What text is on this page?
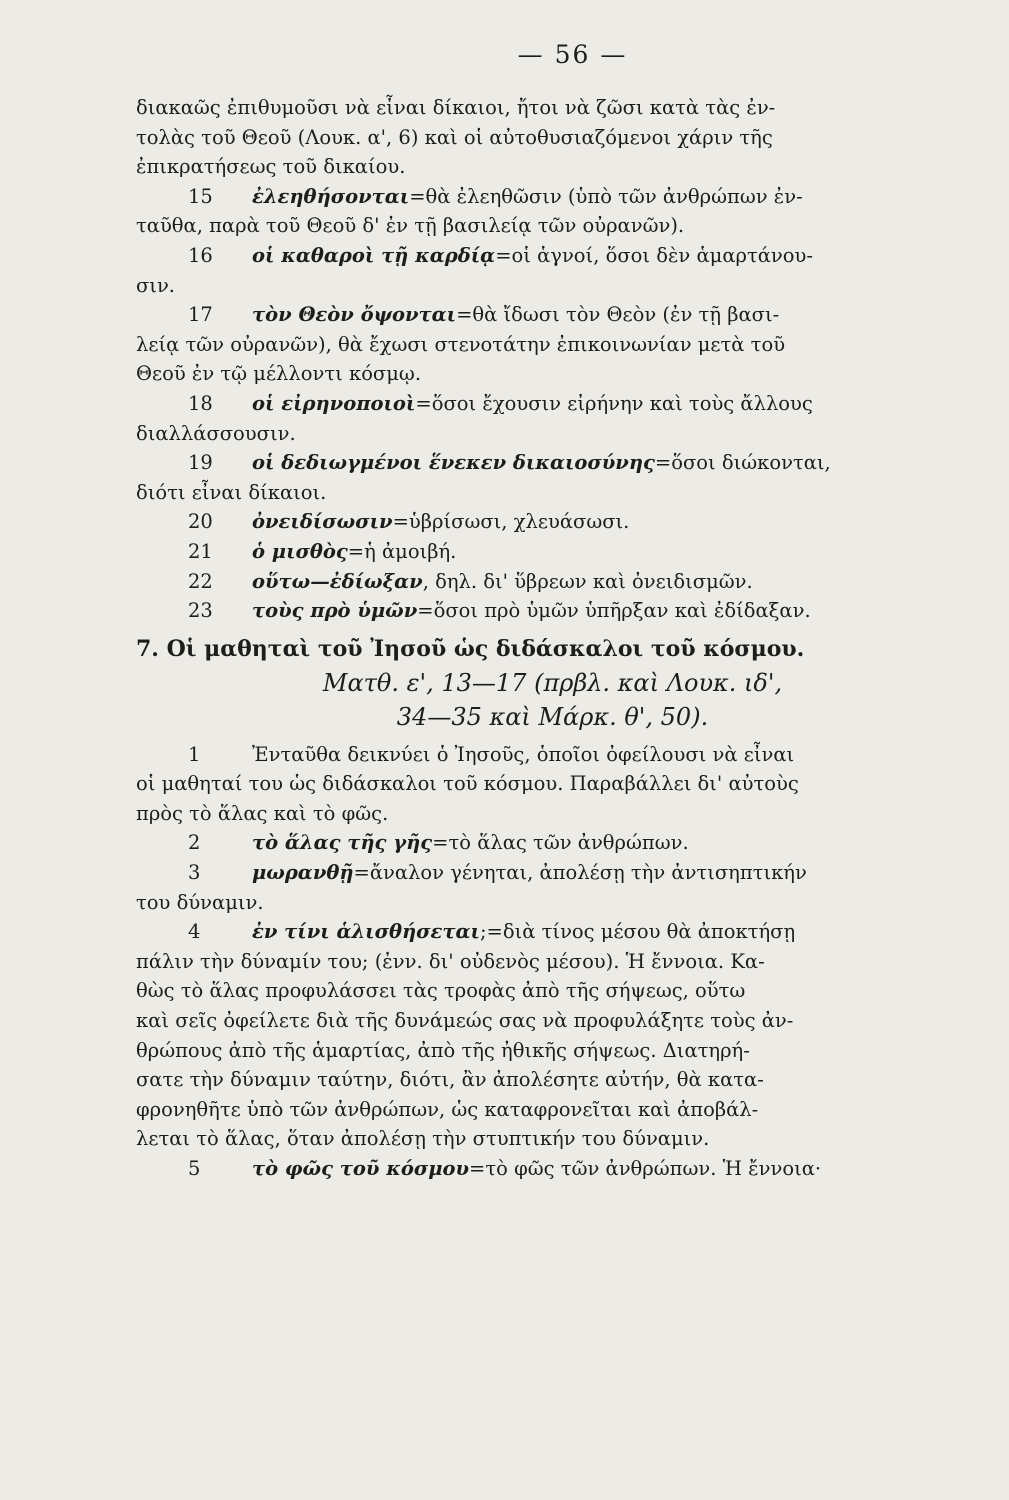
— 56 —
διακαῶς ἐπιθυμοῦσι νὰ εἶναι δίκαιοι, ἤτοι νὰ ζῶσι κατὰ τὰς ἐν-
τολὰς τοῦ Θεοῦ (Λουκ. α', 6) καὶ οἱ αὐτοθυσιαζόμενοι χάριν τῆς
ἐπικρατήσεως τοῦ δικαίου.
15 ἐλεηθήσονται=θὰ ἐλεηθῶσιν (ὑπὸ τῶν ἀνθρώπων ἐν-
ταῦθα, παρὰ τοῦ Θεοῦ δ' ἐν τῇ βασιλείᾳ τῶν οὐρανῶν).
16 οἱ καθαροὶ τῇ καρδίᾳ=οἱ ἁγνοί, ὅσοι δὲν ἁμαρτάνου-
σιν.
17 τὸν Θεὸν ὄψονται=θὰ ἴδωσι τὸν Θεὸν (ἐν τῇ βασι-
λείᾳ τῶν οὐρανῶν), θὰ ἔχωσι στενοτάτην ἐπικοινωνίαν μετὰ τοῦ
Θεοῦ ἐν τῷ μέλλοντι κόσμῳ.
18 οἱ εἰρηνοποιοὶ=ὅσοι ἔχουσιν εἰρήνην καὶ τοὺς ἄλλους
διαλλάσσουσιν.
19 οἱ δεδιωγμένοι ἕνεκεν δικαιοσύνης=ὅσοι διώκονται,
διότι εἶναι δίκαιοι.
20 ὀνειδίσωσιν=ὑβρίσωσι, χλευάσωσι.
21 ὁ μισθὸς=ἡ ἀμοιβή.
22 οὕτω—ἐδίωξαν, δηλ. δι' ὕβρεων καὶ ὀνειδισμῶν.
23 τοὺς πρὸ ὑμῶν=ὅσοι πρὸ ὑμῶν ὑπῆρξαν καὶ ἐδίδαξαν.
7. Οἱ μαθηταὶ τοῦ Ἰησοῦ ὡς διδάσκαλοι τοῦ κόσμου.
Ματθ. ε', 13—17 (πρβλ. καὶ Λουκ. ιδ',
34—35 καὶ Μάρκ. θ', 50).
1	Ἐνταῦθα δεικνύει ὁ Ἰησοῦς, ὁποῖοι ὀφείλουσι νὰ εἶναι
οἱ μαθηταί του ὡς διδάσκαλοι τοῦ κόσμου. Παραβάλλει δι' αὐτοὺς
πρὸς τὸ ἅλας καὶ τὸ φῶς.
2	τὸ ἅλας τῆς γῆς=τὸ ἅλας τῶν ἀνθρώπων.
3	μωρανθῇ=ἄναλον γένηται, ἀπολέσῃ τὴν ἀντισηπτικήν
του δύναμιν.
4	ἐν τίνι ἁλισθήσεται;=διὰ τίνος μέσου θὰ ἀποκτήσῃ
πάλιν τὴν δύναμίν του; (ἐνν. δι' οὐδενὸς μέσου). Ἡ ἔννοια. Κα-
θὼς τὸ ἅλας προφυλάσσει τὰς τροφὰς ἀπὸ τῆς σήψεως, οὕτω
καὶ σεῖς ὀφείλετε διὰ τῆς δυνάμεώς σας νὰ προφυλάξητε τοὺς ἀν-
θρώπους ἀπὸ τῆς ἁμαρτίας, ἀπὸ τῆς ἠθικῆς σήψεως. Διατηρή-
σατε τὴν δύναμιν ταύτην, διότι, ἂν ἀπολέσητε αὐτήν, θὰ κατα-
φρονηθῆτε ὑπὸ τῶν ἀνθρώπων, ὡς καταφρονεῖται καὶ ἀποβάλ-
λεται τὸ ἅλας, ὅταν ἀπολέσῃ τὴν στυπτικήν του δύναμιν.
5	τὸ φῶς τοῦ κόσμου=τὸ φῶς τῶν ἀνθρώπων. Ἡ ἔννοια·
